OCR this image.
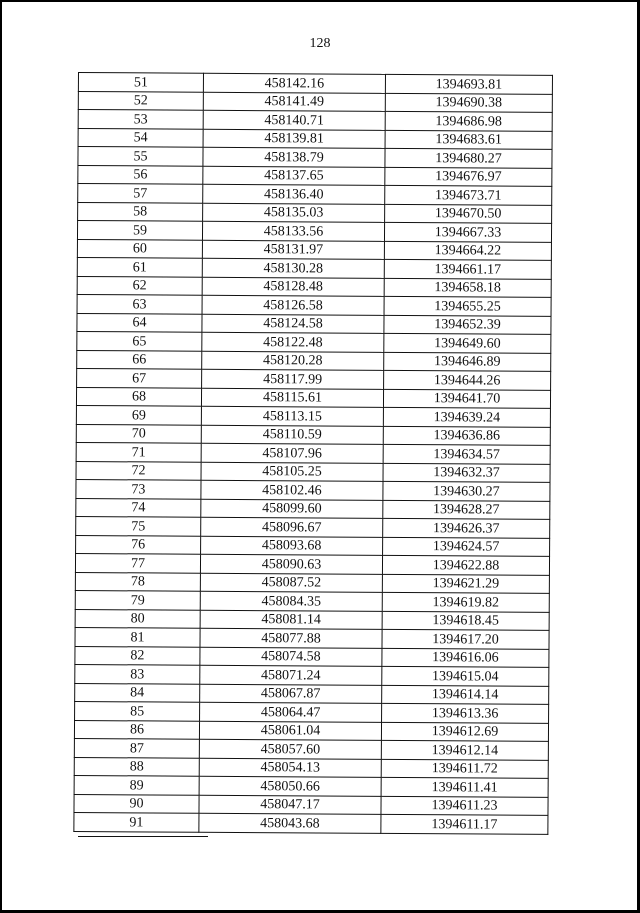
128
51	458142.16	1394693.81
52	458141.49	1394690.38
53	458140.71	1394686.98
54	458139.81	1394683.61
55	458138.79	1394680.27
56	458137.65	1394676.97
57	458136.40	1394673.71
58	458135.03	1394670.50
59	458133.56	1394667.33
60	458131.97	1394664.22
61	458130.28	1394661.17
62	458128.48	1394658.18
63	458126.58	1394655.25
64	458124.58	1394652.39
65	458122.48	1394649.60
66	458120.28	1394646.89
67	458117.99	1394644.26
68	458115.61	1394641.70
69	458113.15	1394639.24
70	458110.59	1394636.86
71	458107.96	1394634.57
72	458105.25	1394632.37
73	458102.46	1394630.27
74	458099.60	1394628.27
75	458096.67	1394626.37
76	458093.68	1394624.57
77	458090.63	1394622.88
78	458087.52	1394621.29
79	458084.35	1394619.82
80	458081.14	1394618.45
81	458077.88	1394617.20
82	458074.58	1394616.06
83	458071.24	1394615.04
84	458067.87	1394614.14
85	458064.47	1394613.36
86	458061.04	1394612.69
87	458057.60	1394612.14
88	458054.13	1394611.72
89	458050.66	1394611.41
90	458047.17	1394611.23
91	458043.68	1394611.17
